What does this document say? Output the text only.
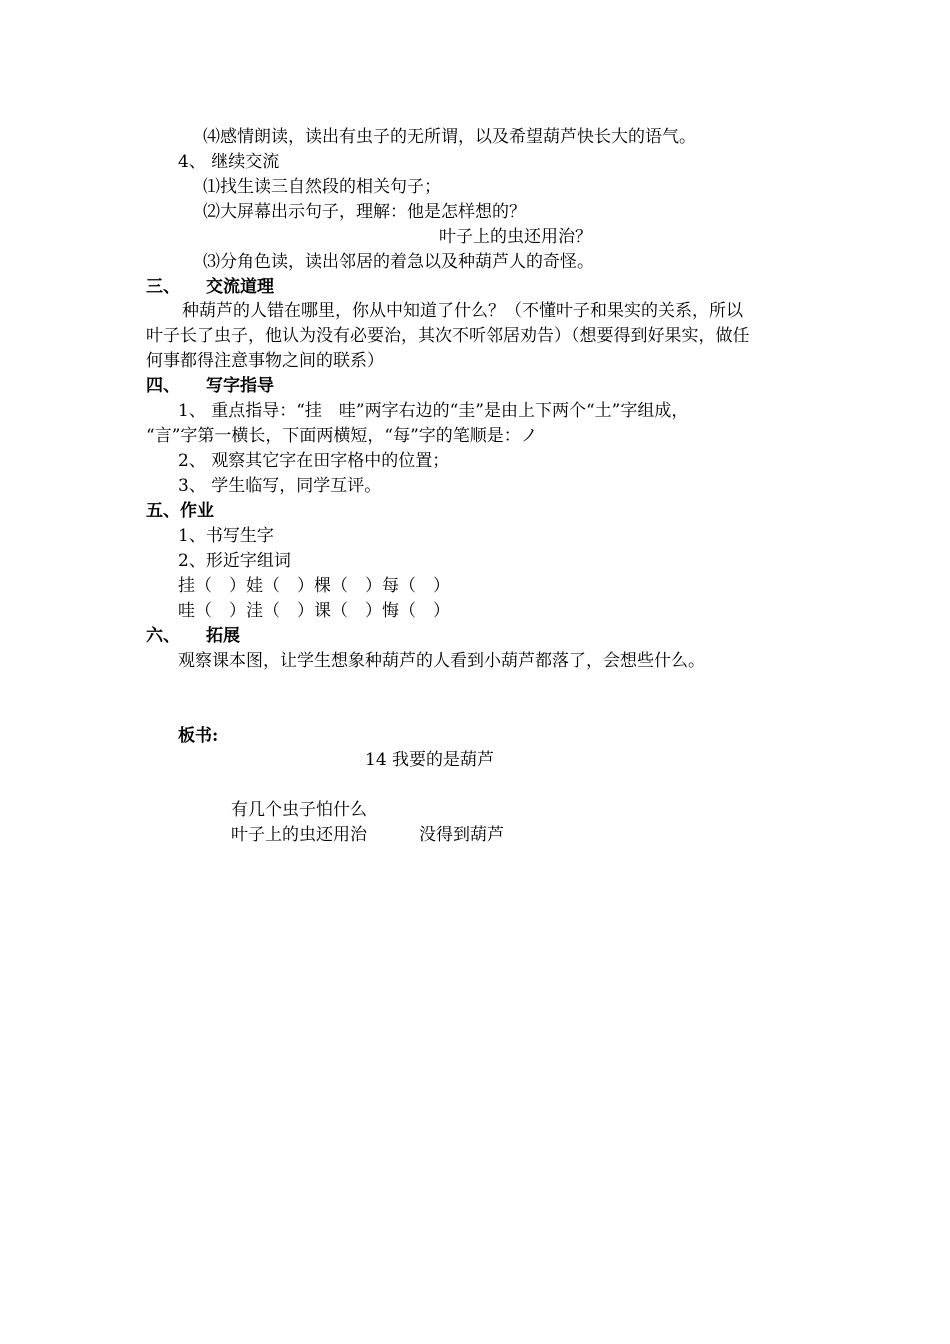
⑷感情朗读，读出有虫子的无所谓，以及希望葫芦快长大的语气。

4、 继续交流

⑴找生读三自然段的相关句子；

⑵大屏幕出示句子，理解：他是怎样想的？

叶子上的虫还用治？

⑶分角色读，读出邻居的着急以及种葫芦人的奇怪。

三、 交流道理

种葫芦的人错在哪里，你从中知道了什么？（不懂叶子和果实的关系，所以

叶子长了虫子，他认为没有必要治，其次不听邻居劝告）（想要得到好果实，做任

何事都得注意事物之间的联系）

四、 写字指导

1、 重点指导：“挂　哇”两字右边的“圭”是由上下两个“土”字组成，

“言”字第一横长，下面两横短，“每”字的笔顺是：ノ

2、 观察其它字在田字格中的位置；

3、 学生临写，同学互评。

五、作业

1、书写生字

2、形近字组词

挂（　）娃（　）棵（　）每（　）

哇（　）洼（　）课（　）悔（　）

六、 拓展

观察课本图，让学生想象种葫芦的人看到小葫芦都落了，会想些什么。

板书:

14 我要的是葫芦

有几个虫子怕什么

叶子上的虫还用治	没得到葫芦
